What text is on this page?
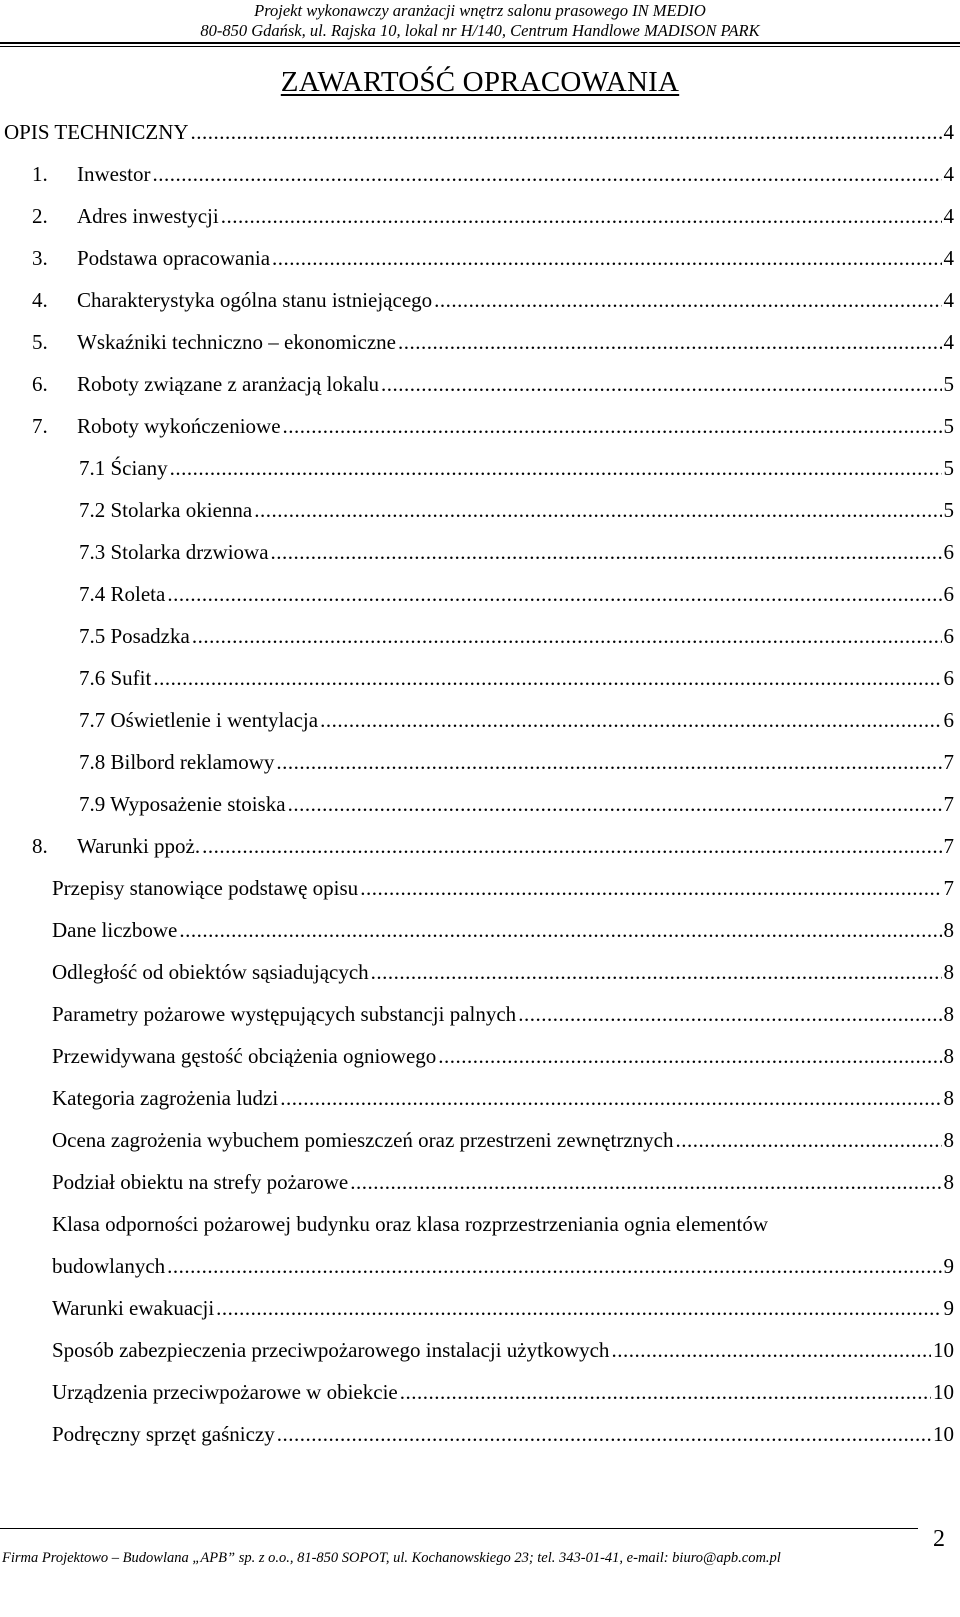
Projekt wykonawczy aranżacji wnętrz salonu prasowego IN MEDIO
80-850 Gdańsk, ul. Rajska 10, lokal nr H/140, Centrum Handlowe MADISON PARK
ZAWARTOŚĆ OPRACOWANIA
OPIS TECHNICZNY .....	4
1.	Inwestor .....	4
2.	Adres inwestycji .....	4
3.	Podstawa opracowania .....	4
4.	Charakterystyka ogólna stanu istniejącego .....	4
5.	Wskaźniki techniczno – ekonomiczne .....	4
6.	Roboty związane z aranżacją lokalu .....	5
7.	Roboty wykończeniowe .....	5
7.1 Ściany .....	5
7.2 Stolarka okienna .....	5
7.3 Stolarka drzwiowa .....	6
7.4 Roleta .....	6
7.5 Posadzka .....	6
7.6 Sufit .....	6
7.7 Oświetlenie i wentylacja .....	6
7.8 Bilbord reklamowy .....	7
7.9 Wyposażenie stoiska .....	7
8.	Warunki ppoż. .....	7
Przepisy stanowiące podstawę opisu .....	7
Dane liczbowe .....	8
Odległość od obiektów sąsiadujących .....	8
Parametry pożarowe występujących substancji palnych .....	8
Przewidywana gęstość obciążenia ogniowego .....	8
Kategoria zagrożenia ludzi .....	8
Ocena zagrożenia wybuchem pomieszczeń oraz przestrzeni zewnętrznych .....	8
Podział obiektu na strefy pożarowe .....	8
Klasa odporności pożarowej budynku oraz klasa rozprzestrzeniania ognia elementów
budowlanych .....	9
Warunki ewakuacji .....	9
Sposób zabezpieczenia przeciwpożarowego instalacji użytkowych .....	10
Urządzenia przeciwpożarowe w obiekcie .....	10
Podręczny sprzęt gaśniczy .....	10
Firma Projektowo – Budowlana „APB” sp. z o.o., 81-850 SOPOT, ul. Kochanowskiego 23; tel. 343-01-41, e-mail: biuro@apb.com.pl
2
